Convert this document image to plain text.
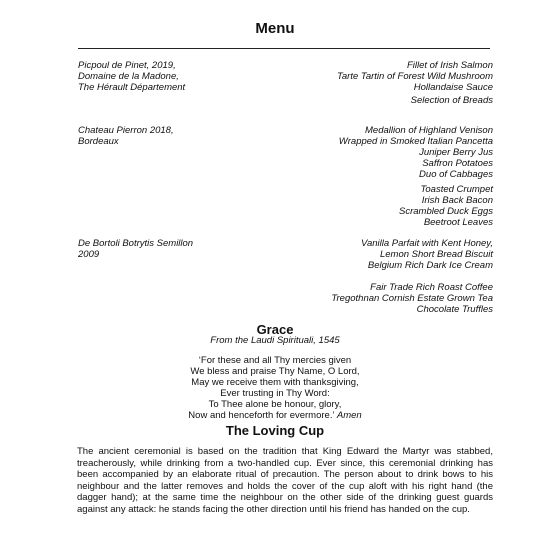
Menu
Picpoul de Pinet, 2019,
Domaine de la Madone,
The Hérault Département
Fillet of Irish Salmon
Tarte Tartin of Forest Wild Mushroom
Hollandaise Sauce
Selection of Breads
Chateau Pierron 2018,
Bordeaux
Medallion of Highland Venison
Wrapped in Smoked Italian Pancetta
Juniper Berry Jus
Saffron Potatoes
Duo of Cabbages
Toasted Crumpet
Irish Back Bacon
Scrambled Duck Eggs
Beetroot Leaves
De Bortoli Botrytis Semillon
2009
Vanilla Parfait with Kent Honey,
Lemon Short Bread Biscuit
Belgium Rich Dark Ice Cream
Fair Trade Rich Roast Coffee
Tregothnan Cornish Estate Grown Tea
Chocolate Truffles
Grace
From the Laudi Spirituali, 1545
‘For these and all Thy mercies given
We bless and praise Thy Name, O Lord,
May we receive them with thanksgiving,
Ever trusting in Thy Word:
To Thee alone be honour, glory,
Now and henceforth for evermore.’ Amen
The Loving Cup

The ancient ceremonial is based on the tradition that King Edward the Martyr was stabbed, treacherously, while drinking from a two-handled cup. Ever since, this ceremonial drinking has been accompanied by an elaborate ritual of precaution. The person about to drink bows to his neighbour and the latter removes and holds the cover of the cup aloft with his right hand (the dagger hand); at the same time the neighbour on the other side of the drinking guest guards against any attack: he stands facing the other direction until his friend has handed on the cup.
